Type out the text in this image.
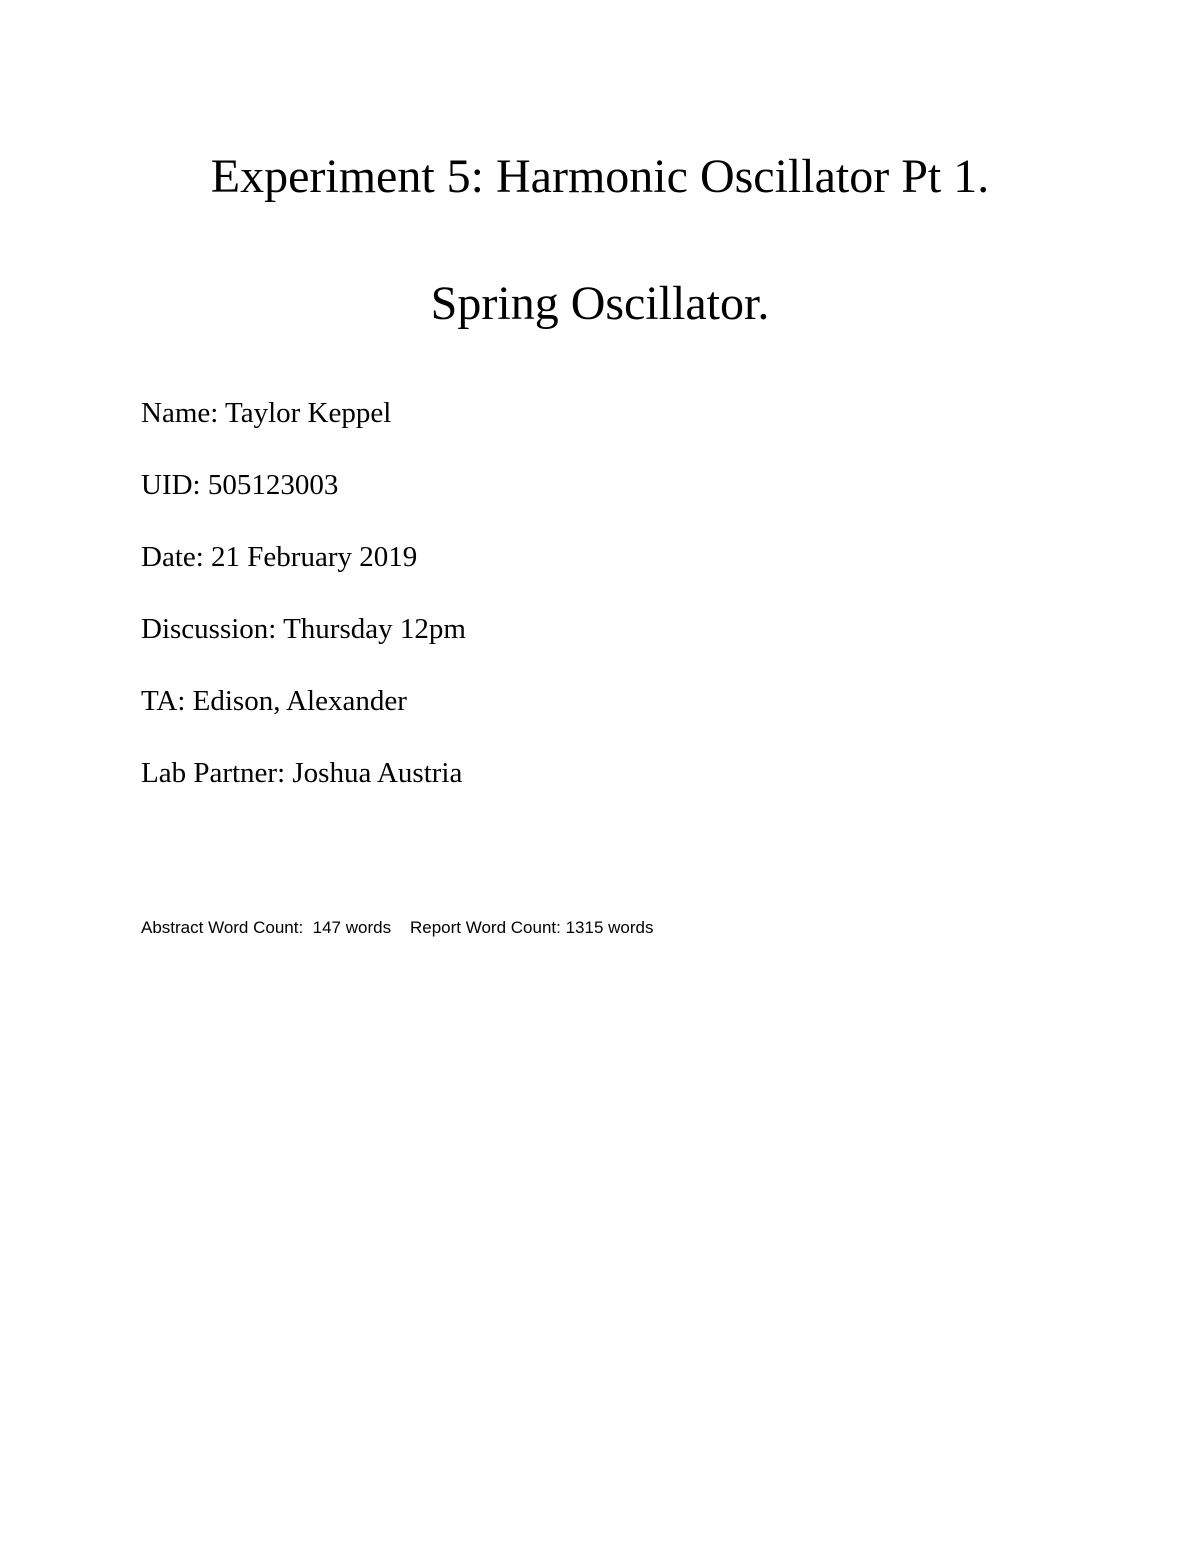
Experiment 5: Harmonic Oscillator Pt 1.
Spring Oscillator.
Name: Taylor Keppel
UID: 505123003
Date: 21 February 2019
Discussion: Thursday 12pm
TA: Edison, Alexander
Lab Partner: Joshua Austria
Abstract Word Count:  147 words Report Word Count: 1315 words
